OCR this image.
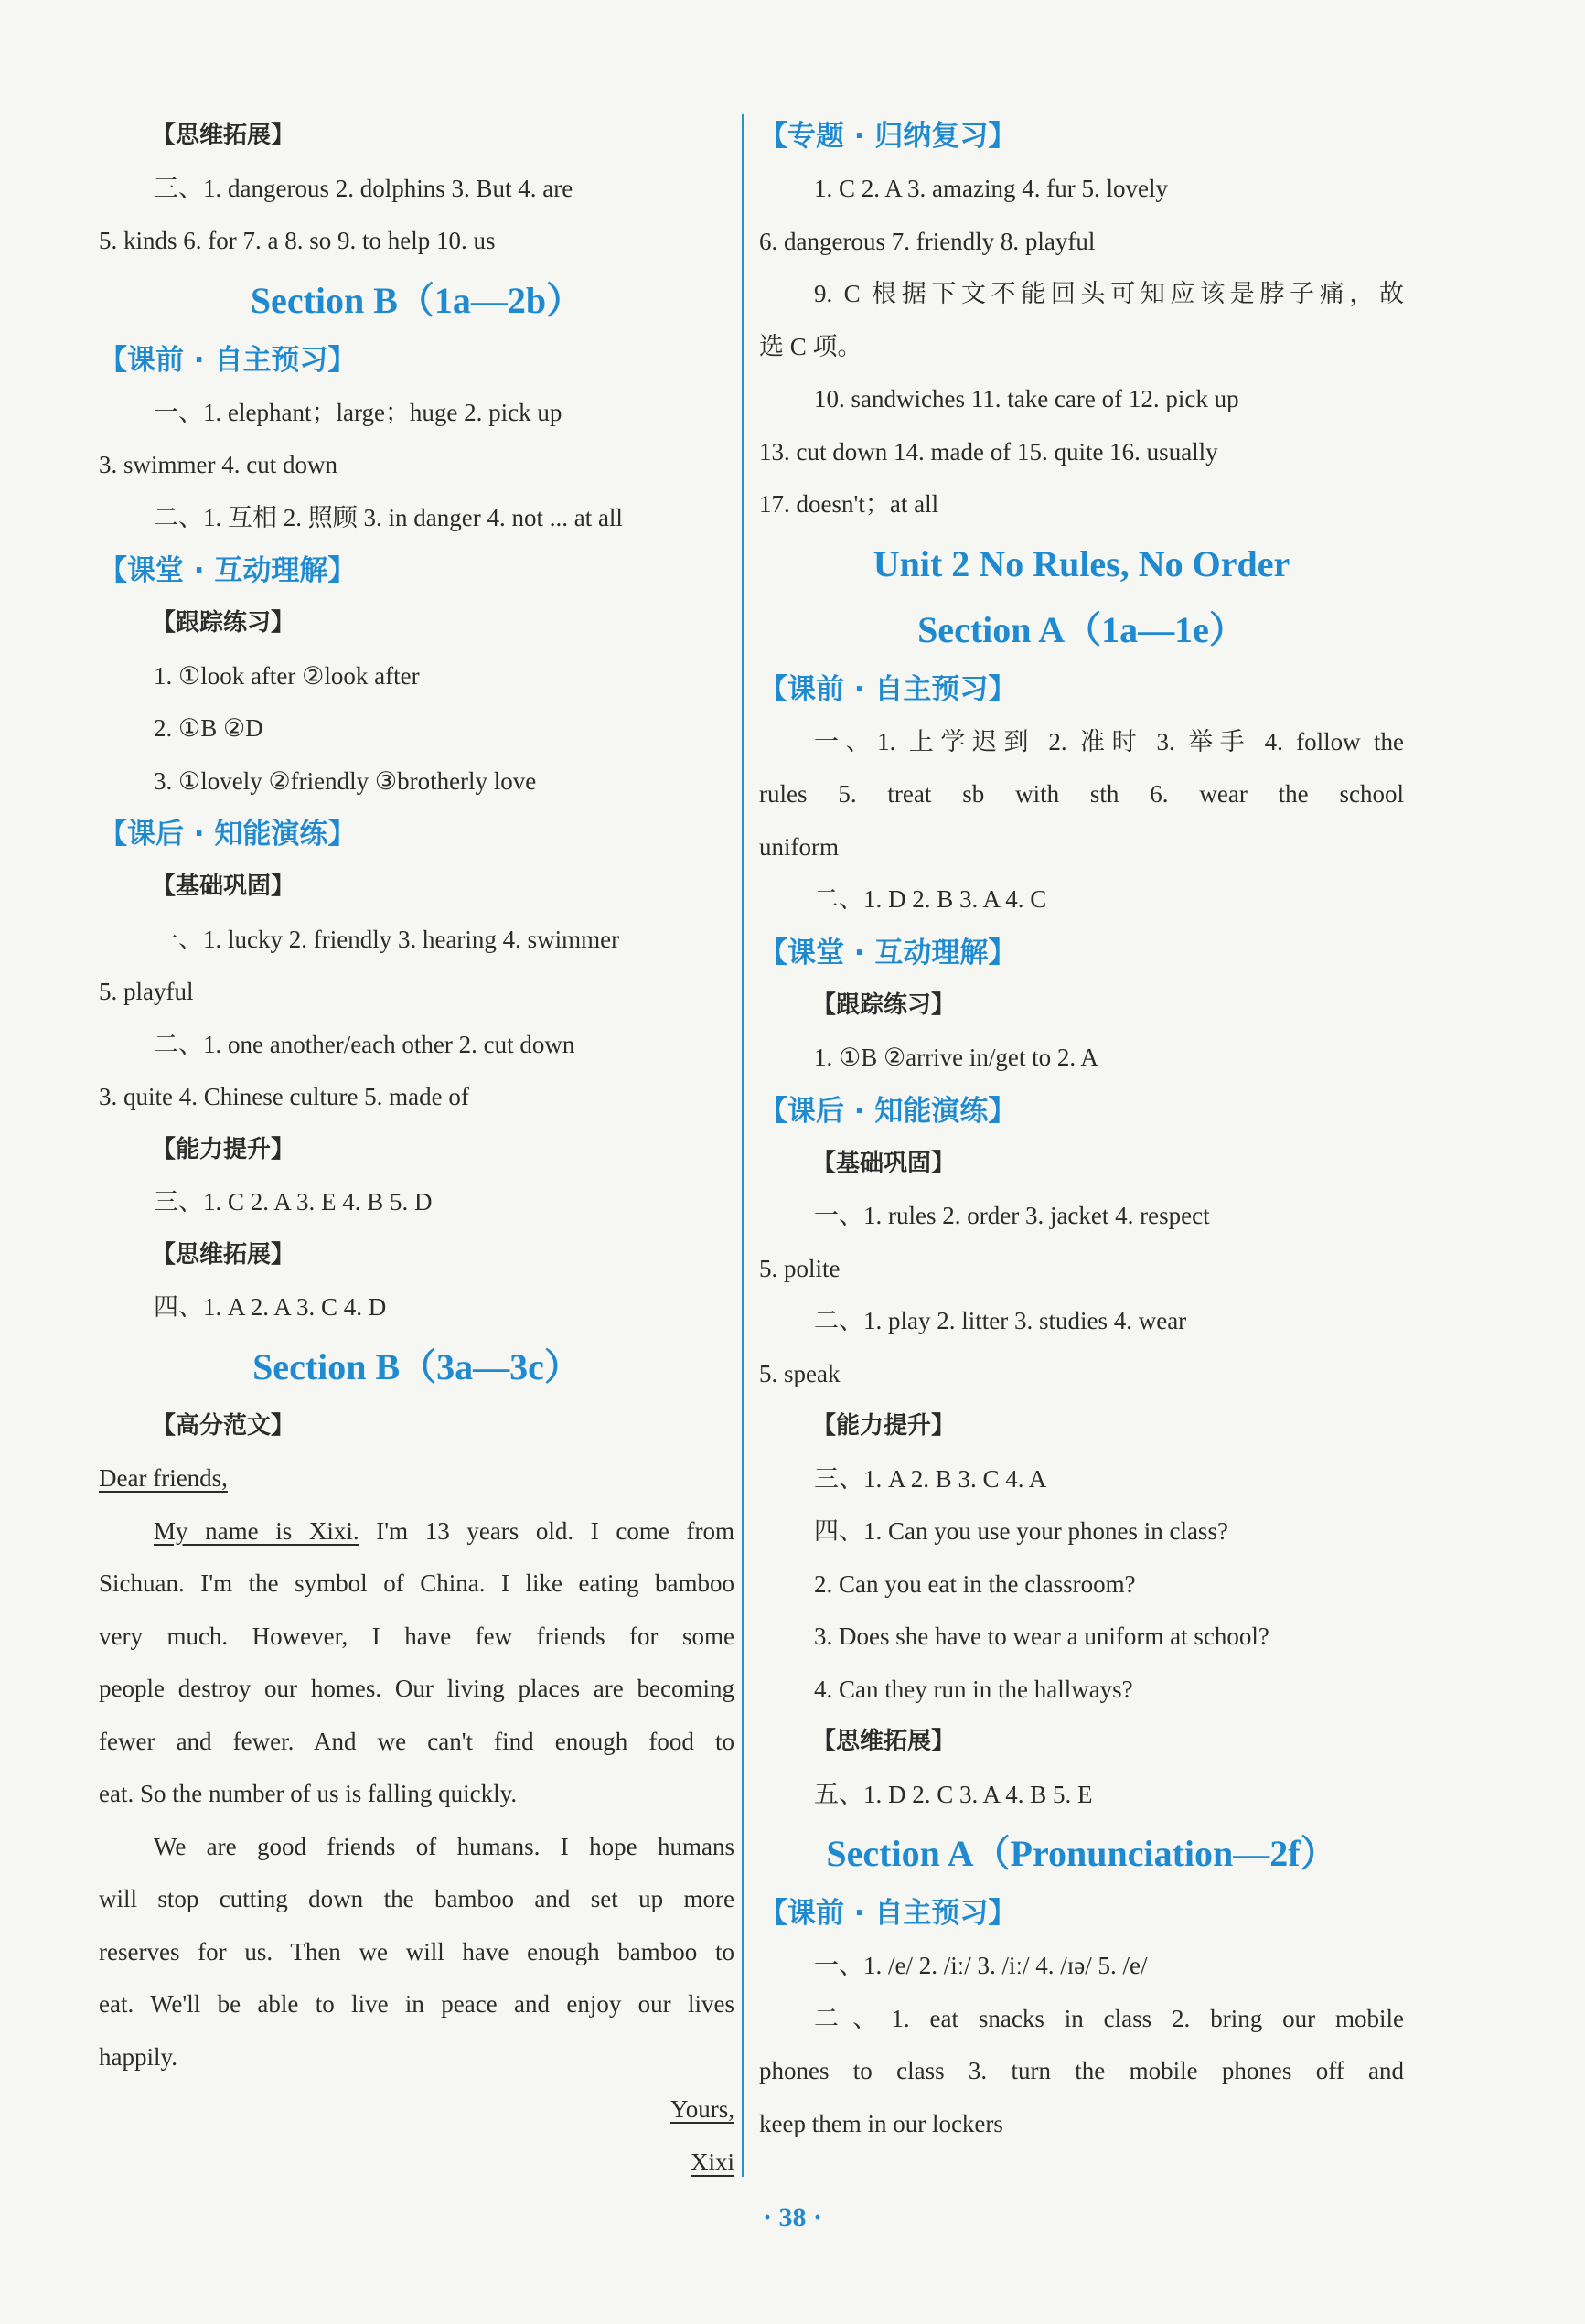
【思维拓展】
三、1. dangerous 2. dolphins 3. But 4. are
5. kinds 6. for 7. a 8. so 9. to help 10. us
Section B（1a—2b）
【课前 · 自主预习】
一、1. elephant；large；huge 2. pick up
3. swimmer 4. cut down
二、1. 互相 2. 照顾 3. in danger 4. not ... at all
【课堂 · 互动理解】
【跟踪练习】
1. ①look after ②look after
2. ①B ②D
3. ①lovely ②friendly ③brotherly love
【课后 · 知能演练】
【基础巩固】
一、1. lucky 2. friendly 3. hearing 4. swimmer
5. playful
二、1. one another/each other 2. cut down
3. quite 4. Chinese culture 5. made of
【能力提升】
三、1. C 2. A 3. E 4. B 5. D
【思维拓展】
四、1. A 2. A 3. C 4. D
Section B（3a—3c）
【高分范文】
Dear friends,
My name is Xixi. I'm 13 years old. I come from
Sichuan. I'm the symbol of China. I like eating bamboo
very much. However, I have few friends for some
people destroy our homes. Our living places are becoming
fewer and fewer. And we can't find enough food to
eat. So the number of us is falling quickly.
We are good friends of humans. I hope humans
will stop cutting down the bamboo and set up more
reserves for us. Then we will have enough bamboo to
eat. We'll be able to live in peace and enjoy our lives
happily.
Yours,
Xixi
【专题 · 归纳复习】
1. C 2. A 3. amazing 4. fur 5. lovely
6. dangerous 7. friendly 8. playful
9. C 根据下文不能回头可知应该是脖子痛，故
选 C 项。
10. sandwiches 11. take care of 12. pick up
13. cut down 14. made of 15. quite 16. usually
17. doesn't；at all
Unit 2 No Rules, No Order
Section A（1a—1e）
【课前 · 自主预习】
一、1. 上学迟到 2. 准时 3. 举手 4. follow the
rules 5. treat sb with sth 6. wear the school
uniform
二、1. D 2. B 3. A 4. C
【课堂 · 互动理解】
【跟踪练习】
1. ①B ②arrive in/get to 2. A
【课后 · 知能演练】
【基础巩固】
一、1. rules 2. order 3. jacket 4. respect
5. polite
二、1. play 2. litter 3. studies 4. wear
5. speak
【能力提升】
三、1. A 2. B 3. C 4. A
四、1. Can you use your phones in class?
2. Can you eat in the classroom?
3. Does she have to wear a uniform at school?
4. Can they run in the hallways?
【思维拓展】
五、1. D 2. C 3. A 4. B 5. E
Section A（Pronunciation—2f）
【课前 · 自主预习】
一、1. /e/ 2. /iː/ 3. /iː/ 4. /ɪə/ 5. /e/
二、1. eat snacks in class 2. bring our mobile
phones to class 3. turn the mobile phones off and
keep them in our lockers
· 38 ·
